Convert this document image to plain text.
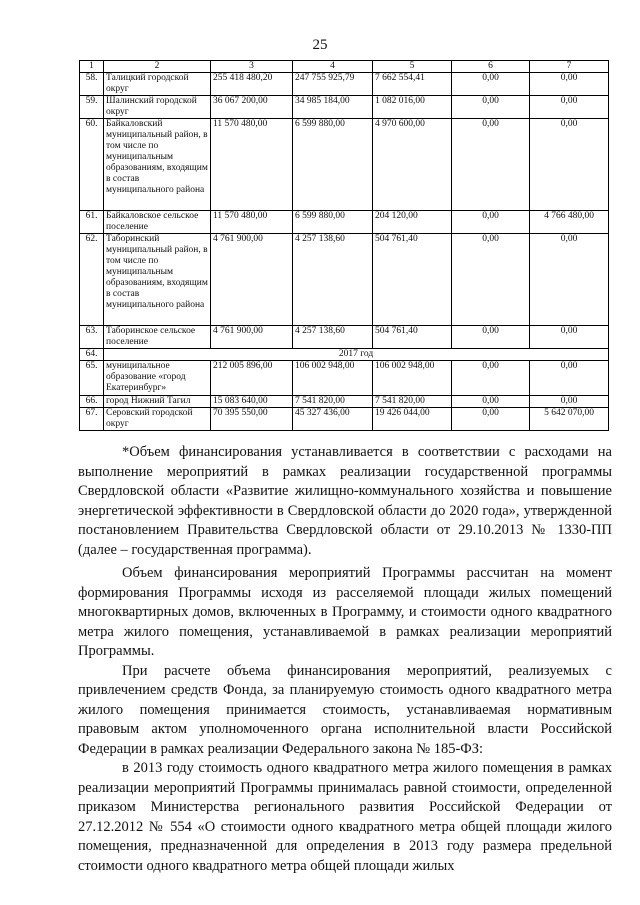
25
1	2	3	4	5	6	7
58.	Талицкий городской округ	255 418 480,20	247 755 925,79	7 662 554,41	0,00	0,00
59.	Шалинский городской округ	36 067 200,00	34 985 184,00	1 082 016,00	0,00	0,00
60.	Байкаловский муниципальный район, в том числе по муниципальным образованиям, входящим в состав муниципального района	11 570 480,00	6 599 880,00	4 970 600,00	0,00	0,00
61.	Байкаловское сельское поселение	11 570 480,00	6 599 880,00	204 120,00	0,00	4 766 480,00
62.	Таборинский муниципальный район, в том числе по муниципальным образованиям, входящим в состав муниципального района	4 761 900,00	4 257 138,60	504 761,40	0,00	0,00
63.	Таборинское сельское поселение	4 761 900,00	4 257 138,60	504 761,40	0,00	0,00
64.	2017 год					
65.	муниципальное образование «город Екатеринбург»	212 005 896,00	106 002 948,00	106 002 948,00	0,00	0,00
66.	город Нижний Тагил	15 083 640,00	7 541 820,00	7 541 820,00	0,00	0,00
67.	Серовский городской округ	70 395 550,00	45 327 436,00	19 426 044,00	0,00	5 642 070,00

*Объем финансирования устанавливается в соответствии с расходами на выполнение мероприятий в рамках реализации государственной программы Свердловской области «Развитие жилищно-коммунального хозяйства и повышение энергетической эффективности в Свердловской области до 2020 года», утвержденной постановлением Правительства Свердловской области от 29.10.2013 № 1330-ПП (далее – государственная программа).

Объем финансирования мероприятий Программы рассчитан на момент формирования Программы исходя из расселяемой площади жилых помещений многоквартирных домов, включенных в Программу, и стоимости одного квадратного метра жилого помещения, устанавливаемой в рамках реализации мероприятий Программы.

При расчете объема финансирования мероприятий, реализуемых с привлечением средств Фонда, за планируемую стоимость одного квадратного метра жилого помещения принимается стоимость, устанавливаемая нормативным правовым актом уполномоченного органа исполнительной власти Российской Федерации в рамках реализации Федерального закона № 185-ФЗ:

в 2013 году стоимость одного квадратного метра жилого помещения в рамках реализации мероприятий Программы принималась равной стоимости, определенной приказом Министерства регионального развития Российской Федерации от 27.12.2012 № 554 «О стоимости одного квадратного метра общей площади жилого помещения, предназначенной для определения в 2013 году размера предельной стоимости одного квадратного метра общей площади жилых
